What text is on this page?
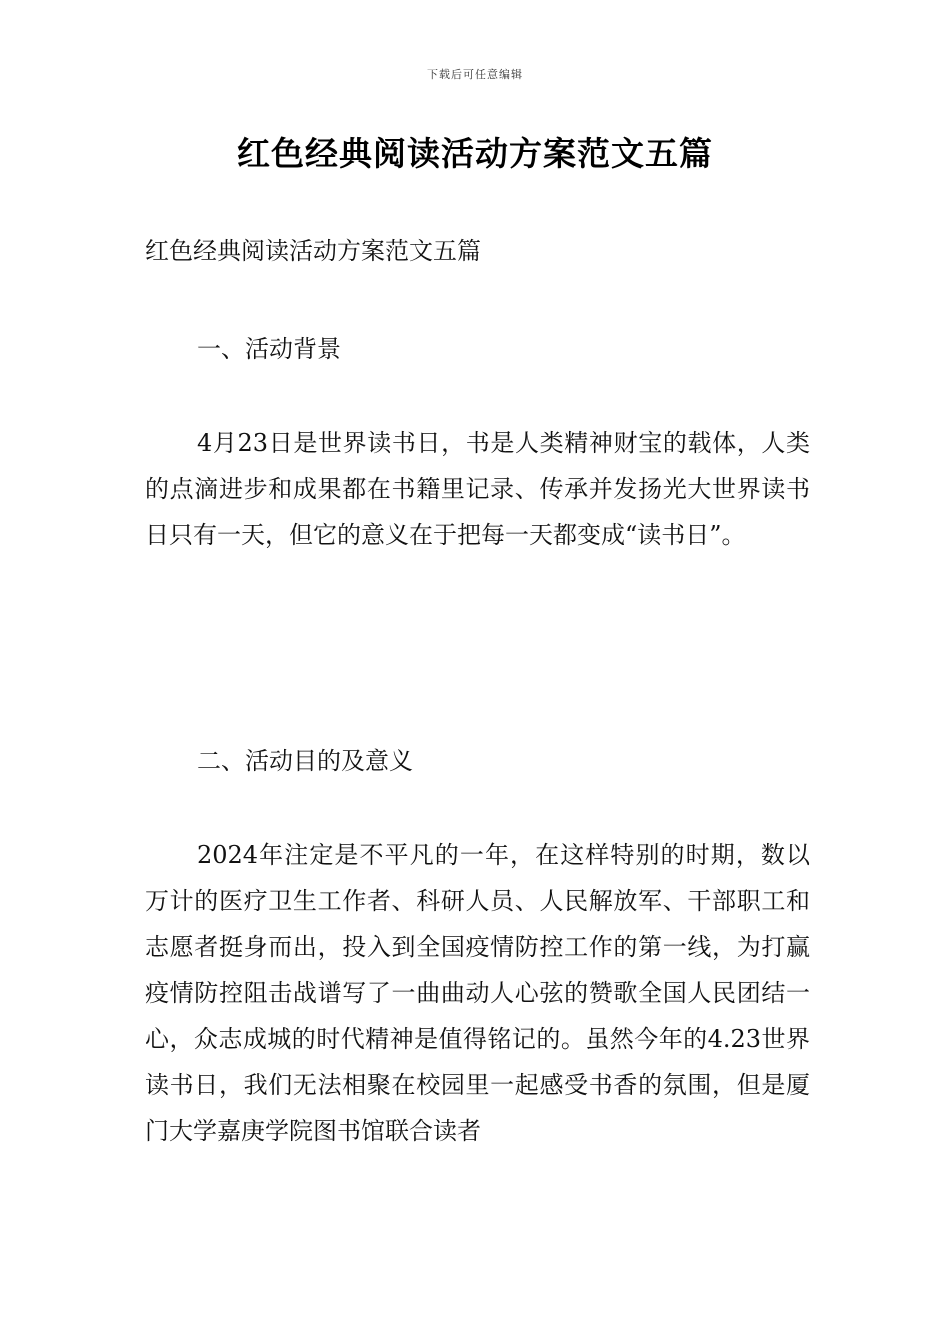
下载后可任意编辑
红色经典阅读活动方案范文五篇

红色经典阅读活动方案范文五篇

一、活动背景

4月23日是世界读书日，书是人类精神财宝的载体，人类的点滴进步和成果都在书籍里记录、传承并发扬光大世界读书日只有一天，但它的意义在于把每一天都变成“读书日”。

二、活动目的及意义

2024年注定是不平凡的一年，在这样特别的时期，数以万计的医疗卫生工作者、科研人员、人民解放军、干部职工和志愿者挺身而出，投入到全国疫情防控工作的第一线，为打赢疫情防控阻击战谱写了一曲曲动人心弦的赞歌全国人民团结一心，众志成城的时代精神是值得铭记的。虽然今年的4.23世界读书日，我们无法相聚在校园里一起感受书香的氛围，但是厦门大学嘉庚学院图书馆联合读者
